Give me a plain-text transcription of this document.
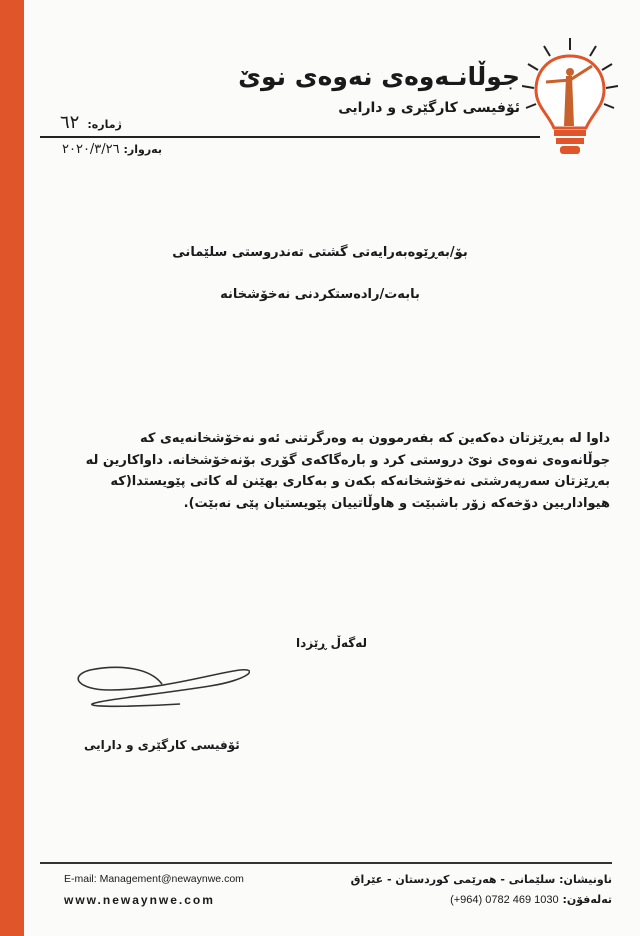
جوڵانـەوەی نەوەی نوێ
ئۆفیسی کارگێری و دارایی
ژمارە:
٦٢
بەروار: ٢٠٢٠/٣/٢٦
بۆ/بەڕێوەبەرایەتی گشتی تەندروستی سلێمانی
بابەت/رادەستکردنی نەخۆشخانە
داوا لە بەڕێزتان دەکەین کە بفەرموون بە وەرگرتنی ئەو نەخۆشخانەیەی کە جوڵانەوەی نەوەی نوێ دروستی کرد و بارەگاکەی گۆڕی بۆنەخۆشخانە. داواکارین لە بەڕێزتان سەرپەرشتی نەخۆشخانەکە بکەن و بەکاری بهێنن لە کاتی پێویستدا(کە هیواداریین دۆخەکە زۆر باشبێت و هاوڵاتییان پێویستیان پێی نەبێت).
لەگەڵ ڕێزدا
ئۆفیسی کارگێری و دارایی
E-mail: Management@newaynwe.com
www.newaynwe.com
ناونیشان: سلێمانی - هەرێمی کوردستان - عێراق
تەلەفۆن: (+964) 0782 469 1030
